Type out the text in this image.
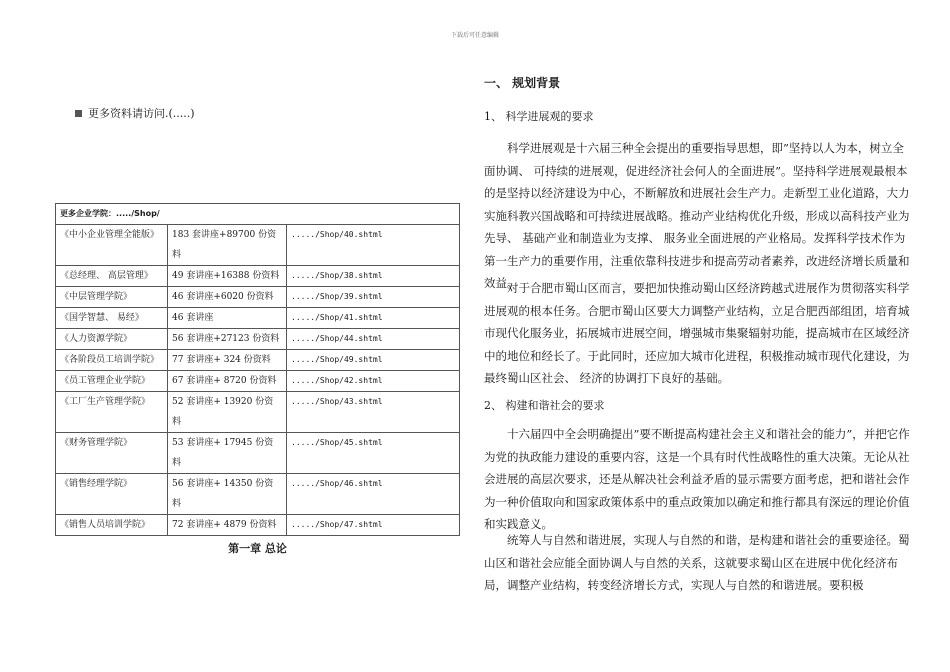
下载后可任意编辑
更多资料请访问.(.....)
更多企业学院：...../Shop/		
《中小企业管理全能版》	183 套讲座+89700 份资料	...../Shop/40.shtml
《总经理、 高层管理》	49 套讲座+16388 份资料	...../Shop/38.shtml
《中层管理学院》	46 套讲座+6020 份资料	...../Shop/39.shtml
《国学智慧、 易经》	46 套讲座	...../Shop/41.shtml
《人力资源学院》	56 套讲座+27123 份资料	...../Shop/44.shtml
《各阶段员工培训学院》	77 套讲座+ 324 份资料	...../Shop/49.shtml
《员工管理企业学院》	67 套讲座+ 8720 份资料	...../Shop/42.shtml
《工厂生产管理学院》	52 套讲座+ 13920 份资料	...../Shop/43.shtml
《财务管理学院》	53 套讲座+ 17945 份资料	...../Shop/45.shtml
《销售经理学院》	56 套讲座+ 14350 份资料	...../Shop/46.shtml
《销售人员培训学院》	72 套讲座+ 4879 份资料	...../Shop/47.shtml
第一章 总论
一、 规划背景
1、 科学进展观的要求

科学进展观是十六届三种全会提出的重要指导思想，即”坚持以人为本，树立全面协调、 可持续的进展观，促进经济社会何人的全面进展”。坚持科学进展观最根本的是坚持以经济建设为中心，不断解放和进展社会生产力。走新型工业化道路，大力实施科教兴国战略和可持续进展战略。推动产业结构优化升级，形成以高科技产业为先导、 基础产业和制造业为支撑、 服务业全面进展的产业格局。发挥科学技术作为第一生产力的重要作用，注重依靠科技进步和提高劳动者素养，改进经济增长质量和效益。

对于合肥市蜀山区而言，要把加快推动蜀山区经济跨越式进展作为贯彻落实科学进展观的根本任务。合肥市蜀山区要大力调整产业结构，立足合肥西部组团，培育城市现代化服务业，拓展城市进展空间，增强城市集聚辐射功能，提高城市在区域经济中的地位和经长了。于此同时，还应加大城市化进程，积极推动城市现代化建设，为最终蜀山区社会、 经济的协调打下良好的基础。

2、 构建和谐社会的要求

十六届四中全会明确提出”要不断提高构建社会主义和谐社会的能力”，并把它作为党的执政能力建设的重要内容，这是一个具有时代性战略性的重大决策。无论从社会进展的高层次要求，还是从解决社会利益矛盾的显示需要方面考虑，把和谐社会作为一种价值取向和国家政策体系中的重点政策加以确定和推行都具有深远的理论价值和实践意义。

统筹人与自然和谐进展，实现人与自然的和谐，是构建和谐社会的重要途径。蜀山区和谐社会应能全面协调人与自然的关系，这就要求蜀山区在进展中优化经济布局，调整产业结构，转变经济增长方式，实现人与自然的和谐进展。要积极
